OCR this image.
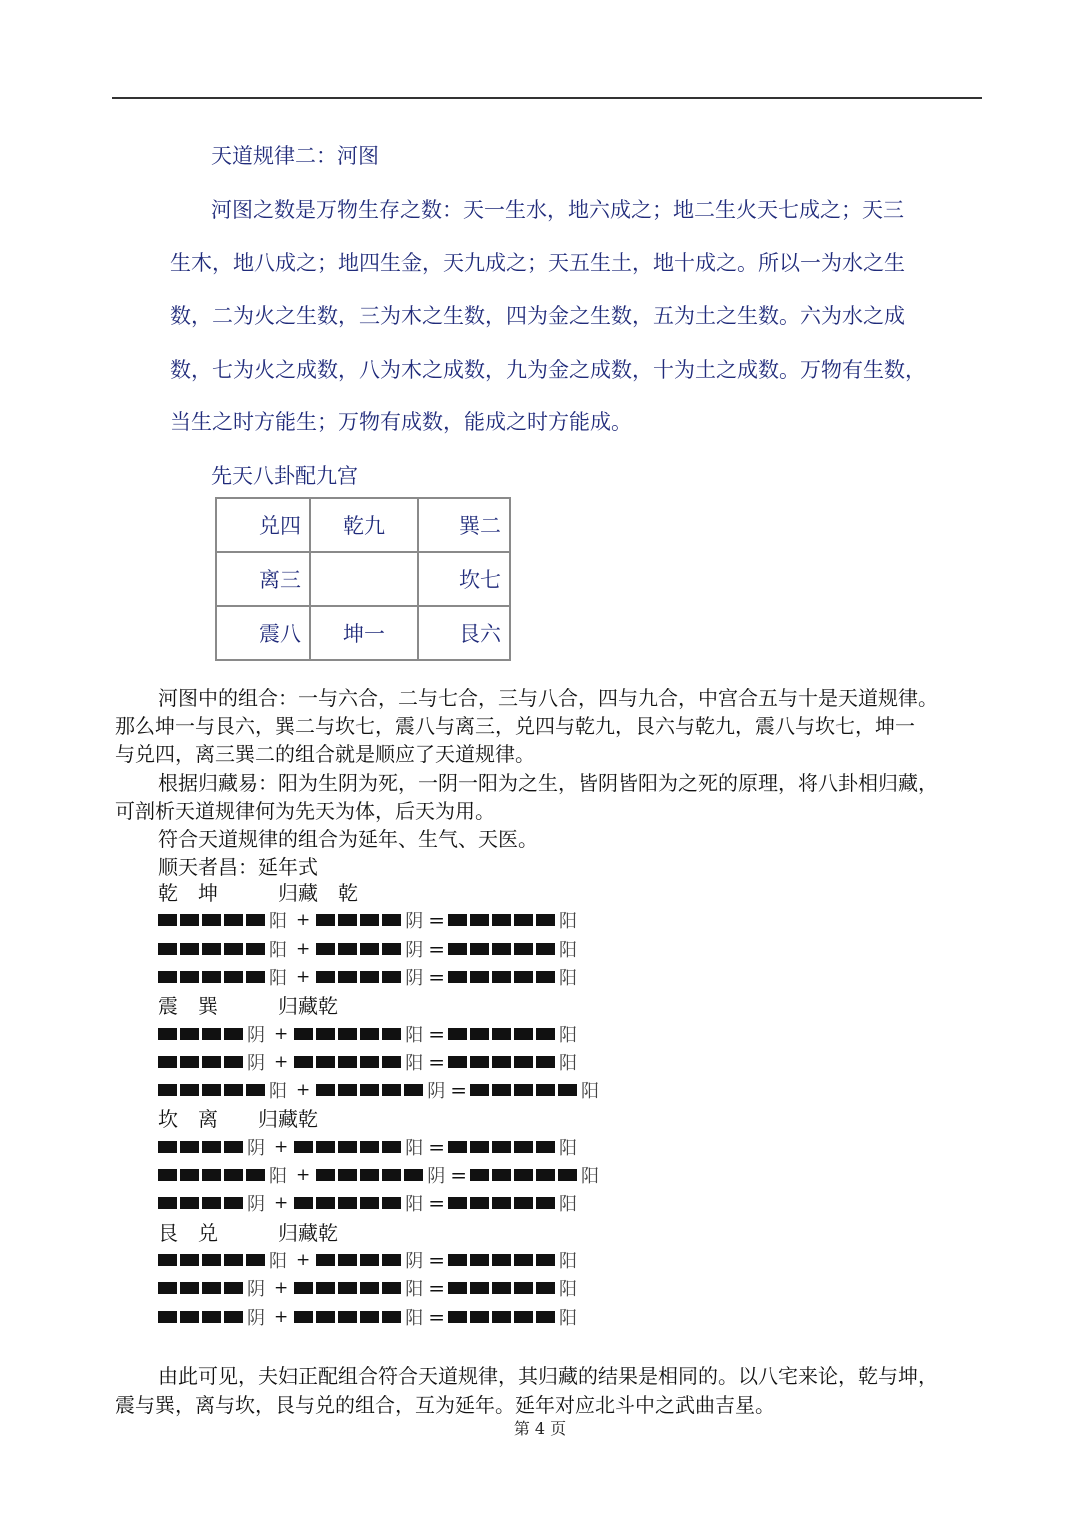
天道规律二：河图
河图之数是万物生存之数：天一生水，地六成之；地二生火天七成之；天三
生木，地八成之；地四生金，天九成之；天五生土，地十成之。所以一为水之生
数，二为火之生数，三为木之生数，四为金之生数，五为土之生数。六为水之成
数，七为火之成数，八为木之成数，九为金之成数，十为土之成数。万物有生数，
当生之时方能生；万物有成数，能成之时方能成。
先天八卦配九宫
兑四	乾九	巽二
离三		坎七
震八	坤一	艮六
河图中的组合：一与六合，二与七合，三与八合，四与九合，中宫合五与十是天道规律。
那么坤一与艮六，巽二与坎七，震八与离三，兑四与乾九，艮六与乾九，震八与坎七，坤一
与兑四，离三巽二的组合就是顺应了天道规律。
根据归藏易：阳为生阴为死，一阴一阳为之生，皆阴皆阳为之死的原理，将八卦相归藏，
可剖析天道规律何为先天为体，后天为用。
符合天道规律的组合为延年、生气、天医。
顺天者昌：延年式
乾　坤　　　归藏　乾
阳 +	阴 =	阳
阳 +	阴 =	阳
阳 +	阴 =	阳
震　巽　　　归藏乾
阴 +	阳 =	阳
阴 +	阳 =	阳
阳 +	阴 =	阳
坎　离　　归藏乾
阴 +	阳 =	阳
阳 +	阴 =	阳
阴 +	阳 =	阳
艮　兑　　　归藏乾
阳 +	阴 =	阳
阴 +	阳 =	阳
阴 +	阳 =	阳
由此可见，夫妇正配组合符合天道规律，其归藏的结果是相同的。以八宅来论，乾与坤，
震与巽，离与坎，艮与兑的组合，互为延年。延年对应北斗中之武曲吉星。
第 4 页
